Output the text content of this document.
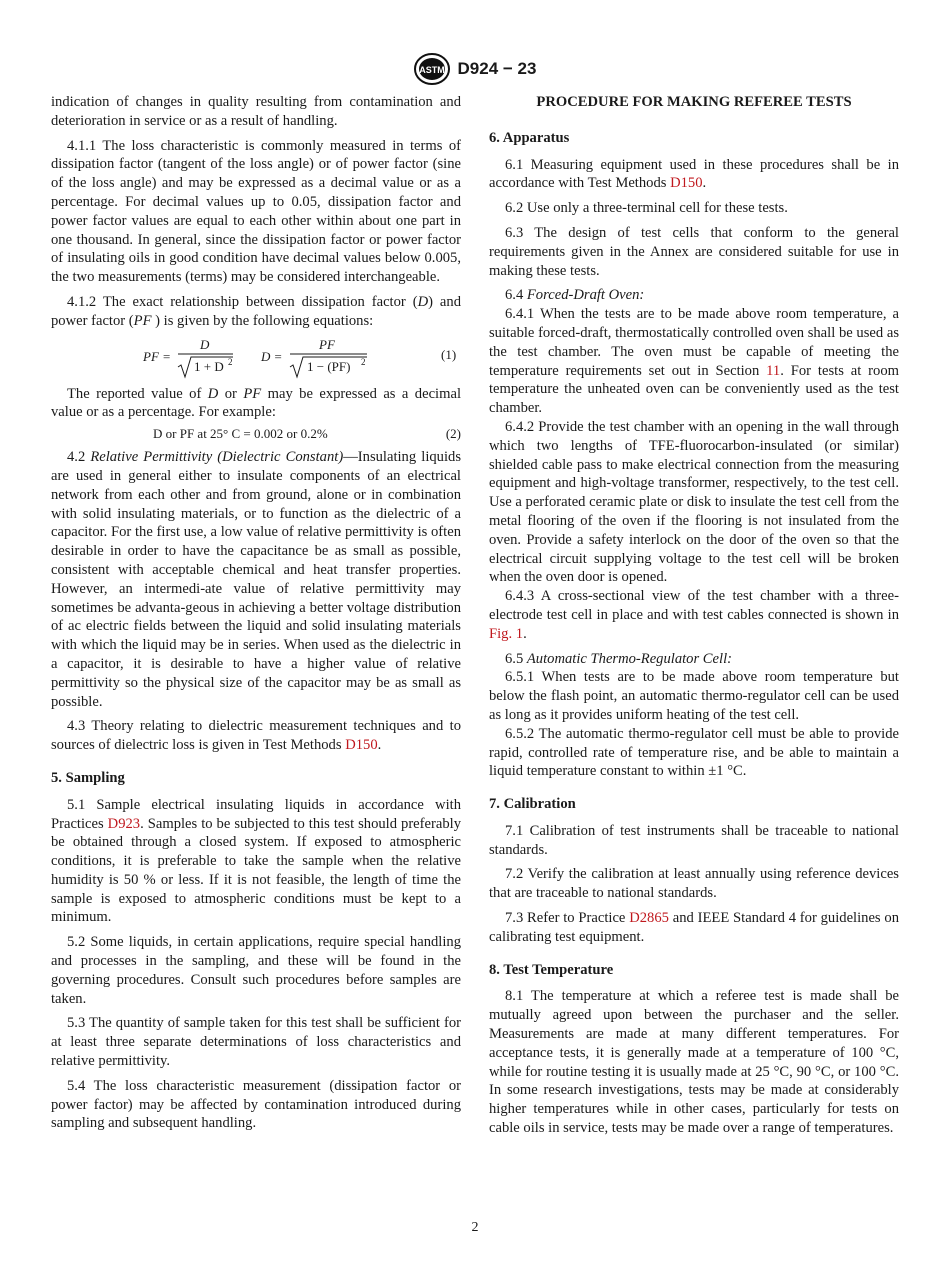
ASTM D924 − 23

indication of changes in quality resulting from contamination and deterioration in service or as a result of handling.

4.1.1 The loss characteristic is commonly measured in terms of dissipation factor (tangent of the loss angle) or of power factor (sine of the loss angle) and may be expressed as a decimal value or as a percentage. For decimal values up to 0.05, dissipation factor and power factor values are equal to each other within about one part in one thousand. In general, since the dissipation factor or power factor of insulating oils in good condition have decimal values below 0.005, the two measurements (terms) may be considered interchangeable.

4.1.2 The exact relationship between dissipation factor (D) and power factor (PF ) is given by the following equations:

PF =
D
1 + D 2 D =
PF
1 − (PF) 2	(1)

The reported value of D or PF may be expressed as a decimal value or as a percentage. For example:

D or PF at 25° C = 0.002 or 0.2%	(2)

4.2 Relative Permittivity (Dielectric Constant)—Insulating liquids are used in general either to insulate components of an electrical network from each other and from ground, alone or in combination with solid insulating materials, or to function as the dielectric of a capacitor. For the first use, a low value of relative permittivity is often desirable in order to have the capacitance be as small as possible, consistent with acceptable chemical and heat transfer properties. However, an intermedi-ate value of relative permittivity may sometimes be advanta-geous in achieving a better voltage distribution of ac electric fields between the liquid and solid insulating materials with which the liquid may be in series. When used as the dielectric in a capacitor, it is desirable to have a higher value of relative permittivity so the physical size of the capacitor may be as small as possible.

4.3 Theory relating to dielectric measurement techniques and to sources of dielectric loss is given in Test Methods D150.

5. Sampling

5.1 Sample electrical insulating liquids in accordance with Practices D923. Samples to be subjected to this test should preferably be obtained through a closed system. If exposed to atmospheric conditions, it is preferable to take the sample when the relative humidity is 50 % or less. If it is not feasible, the length of time the sample is exposed to atmospheric conditions must be kept to a minimum.

5.2 Some liquids, in certain applications, require special handling and processes in the sampling, and these will be found in the governing procedures. Consult such procedures before samples are taken.

5.3 The quantity of sample taken for this test shall be sufficient for at least three separate determinations of loss characteristics and relative permittivity.

5.4 The loss characteristic measurement (dissipation factor or power factor) may be affected by contamination introduced during sampling and subsequent handling.

PROCEDURE FOR MAKING REFEREE TESTS
6. Apparatus

6.1 Measuring equipment used in these procedures shall be in accordance with Test Methods D150.

6.2 Use only a three-terminal cell for these tests.

6.3 The design of test cells that conform to the general requirements given in the Annex are considered suitable for use in making these tests.

6.4 Forced-Draft Oven:

6.4.1 When the tests are to be made above room temperature, a suitable forced-draft, thermostatically controlled oven shall be used as the test chamber. The oven must be capable of meeting the temperature requirements set out in Section 11. For tests at room temperature the unheated oven can be conveniently used as the test chamber.

6.4.2 Provide the test chamber with an opening in the wall through which two lengths of TFE-fluorocarbon-insulated (or similar) shielded cable pass to make electrical connection from the measuring equipment and high-voltage transformer, respectively, to the test cell. Use a perforated ceramic plate or disk to insulate the test cell from the metal flooring of the oven if the flooring is not insulated from the oven. Provide a safety interlock on the door of the oven so that the electrical circuit supplying voltage to the test cell will be broken when the oven door is opened.

6.4.3 A cross-sectional view of the test chamber with a three-electrode test cell in place and with test cables connected is shown in Fig. 1.

6.5 Automatic Thermo-Regulator Cell:

6.5.1 When tests are to be made above room temperature but below the flash point, an automatic thermo-regulator cell can be used as long as it provides uniform heating of the test cell.

6.5.2 The automatic thermo-regulator cell must be able to provide rapid, controlled rate of temperature rise, and be able to maintain a liquid temperature constant to within ±1 °C.

7. Calibration

7.1 Calibration of test instruments shall be traceable to national standards.

7.2 Verify the calibration at least annually using reference devices that are traceable to national standards.

7.3 Refer to Practice D2865 and IEEE Standard 4 for guidelines on calibrating test equipment.

8. Test Temperature

8.1 The temperature at which a referee test is made shall be mutually agreed upon between the purchaser and the seller. Measurements are made at many different temperatures. For acceptance tests, it is generally made at a temperature of 100 °C, while for routine testing it is usually made at 25 °C, 90 °C, or 100 °C. In some research investigations, tests may be made at considerably higher temperatures while in other cases, particularly for tests on cable oils in service, tests may be made over a range of temperatures.

2
